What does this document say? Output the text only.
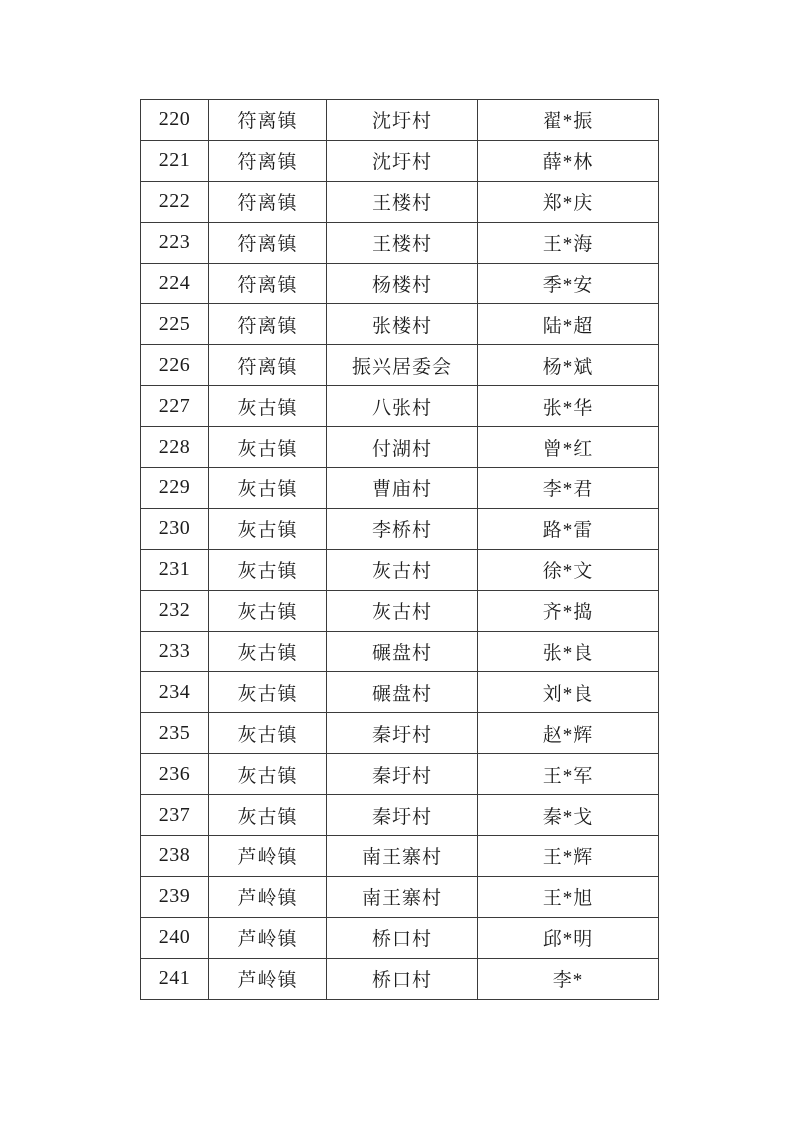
220	符离镇	沈圩村	翟*振
221	符离镇	沈圩村	薛*林
222	符离镇	王楼村	郑*庆
223	符离镇	王楼村	王*海
224	符离镇	杨楼村	季*安
225	符离镇	张楼村	陆*超
226	符离镇	振兴居委会	杨*斌
227	灰古镇	八张村	张*华
228	灰古镇	付湖村	曾*红
229	灰古镇	曹庙村	李*君
230	灰古镇	李桥村	路*雷
231	灰古镇	灰古村	徐*文
232	灰古镇	灰古村	齐*捣
233	灰古镇	碾盘村	张*良
234	灰古镇	碾盘村	刘*良
235	灰古镇	秦圩村	赵*辉
236	灰古镇	秦圩村	王*军
237	灰古镇	秦圩村	秦*戈
238	芦岭镇	南王寨村	王*辉
239	芦岭镇	南王寨村	王*旭
240	芦岭镇	桥口村	邱*明
241	芦岭镇	桥口村	李*
